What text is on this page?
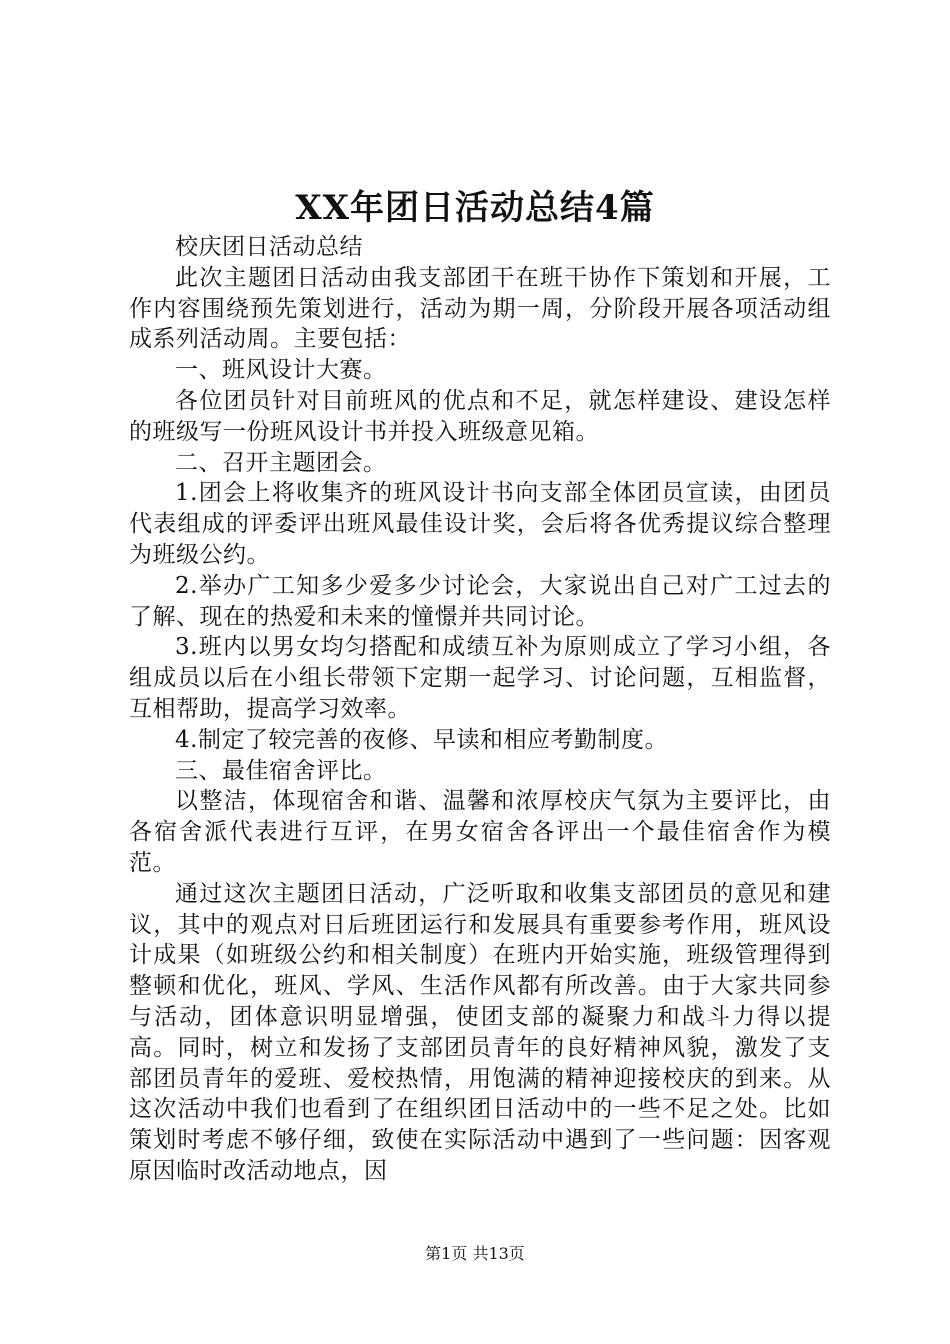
XX年团日活动总结4篇

校庆团日活动总结

此次主题团日活动由我支部团干在班干协作下策划和开展，工作内容围绕预先策划进行，活动为期一周，分阶段开展各项活动组成系列活动周。主要包括：

一、班风设计大赛。

各位团员针对目前班风的优点和不足，就怎样建设、建设怎样的班级写一份班风设计书并投入班级意见箱。

二、召开主题团会。

1.团会上将收集齐的班风设计书向支部全体团员宣读，由团员代表组成的评委评出班风最佳设计奖，会后将各优秀提议综合整理为班级公约。

2.举办广工知多少爱多少讨论会，大家说出自己对广工过去的了解、现在的热爱和未来的憧憬并共同讨论。

3.班内以男女均匀搭配和成绩互补为原则成立了学习小组，各组成员以后在小组长带领下定期一起学习、讨论问题，互相监督，互相帮助，提高学习效率。

4.制定了较完善的夜修、早读和相应考勤制度。

三、最佳宿舍评比。

以整洁，体现宿舍和谐、温馨和浓厚校庆气氛为主要评比，由各宿舍派代表进行互评，在男女宿舍各评出一个最佳宿舍作为模范。

通过这次主题团日活动，广泛听取和收集支部团员的意见和建议，其中的观点对日后班团运行和发展具有重要参考作用，班风设计成果（如班级公约和相关制度）在班内开始实施，班级管理得到整顿和优化，班风、学风、生活作风都有所改善。由于大家共同参与活动，团体意识明显增强，使团支部的凝聚力和战斗力得以提高。同时，树立和发扬了支部团员青年的良好精神风貌，激发了支部团员青年的爱班、爱校热情，用饱满的精神迎接校庆的到来。从这次活动中我们也看到了在组织团日活动中的一些不足之处。比如策划时考虑不够仔细，致使在实际活动中遇到了一些问题：因客观原因临时改活动地点，因

第1页 共13页
